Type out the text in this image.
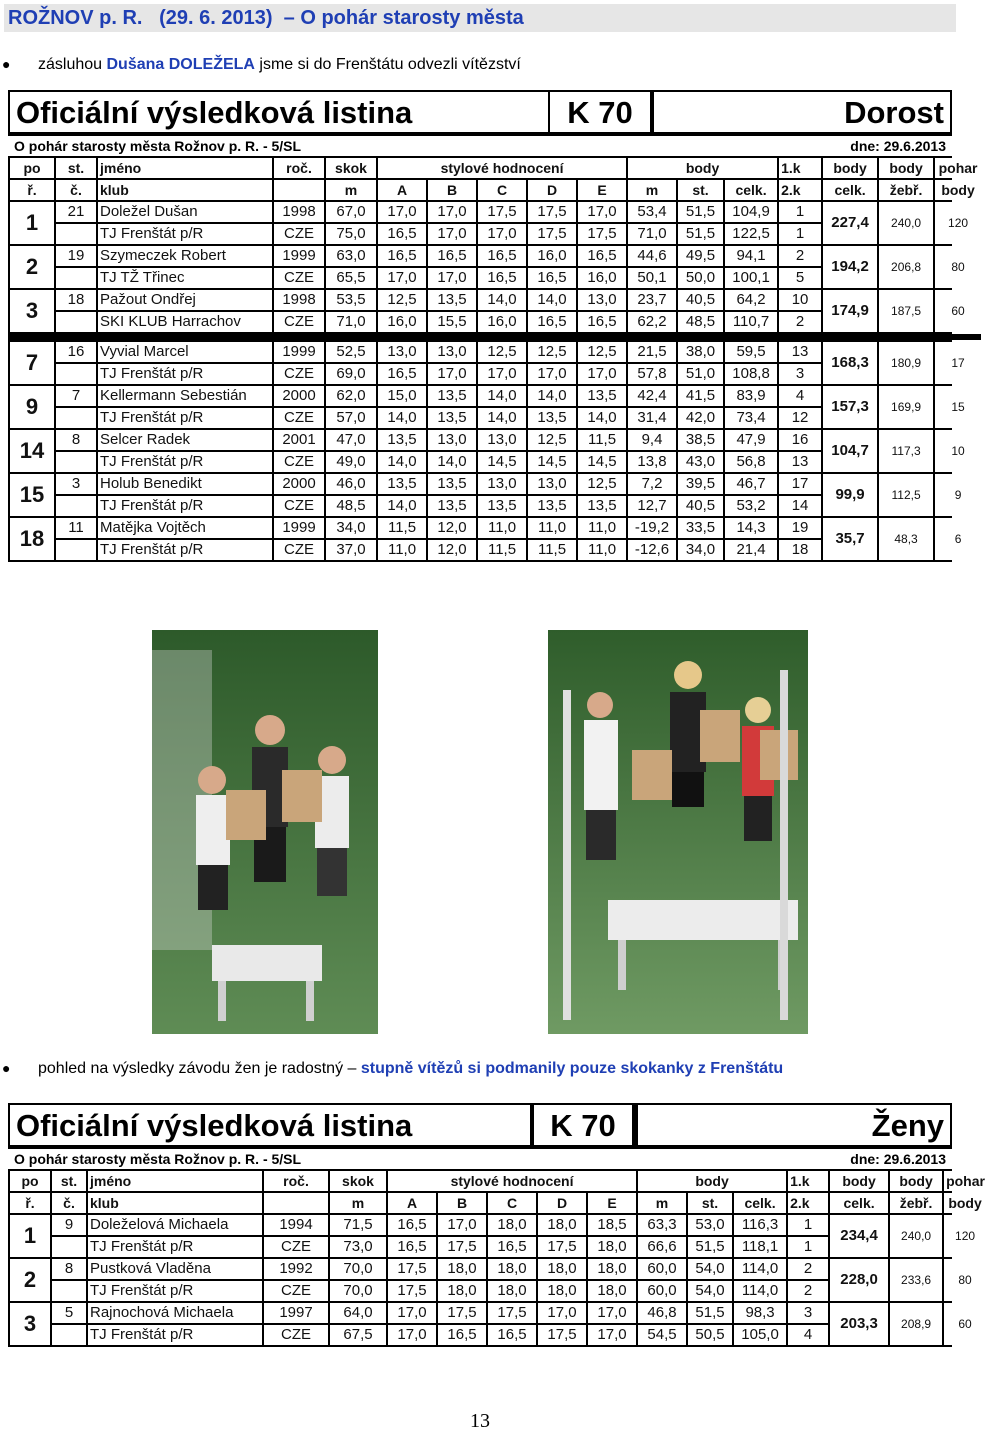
ROŽNOV p. R. (29. 6. 2013) – O pohár starosty města
● zásluhou Dušana DOLEŽELA jsme si do Frenštátu odvezli vítězství
Oficiální výsledková listina	K 70	Dorost
O pohár starosty města Rožnov p. R. - 5/SL	dne: 29.6.2013
po	st.	jméno	roč.	skok	stylové hodnocení					body			1.k	body	body	pohar
ř.	č.	klub		m	A	B	C	D	E	m	st.	celk.	2.k	celk.	žebř.	body
1	21	Doležel Dušan	1998	67,0	17,0	17,0	17,5	17,5	17,0	53,4	51,5	104,9	1	227,4	240,0	120
		TJ Frenštát p/R	CZE	75,0	16,5	17,0	17,0	17,5	17,5	71,0	51,5	122,5	1			
2	19	Szymeczek Robert	1999	63,0	16,5	16,5	16,5	16,0	16,5	44,6	49,5	94,1	2	194,2	206,8	80
		TJ TŽ Třinec	CZE	65,5	17,0	17,0	16,5	16,5	16,0	50,1	50,0	100,1	5			
3	18	Pažout Ondřej	1998	53,5	12,5	13,5	14,0	14,0	13,0	23,7	40,5	64,2	10	174,9	187,5	60
		SKI KLUB Harrachov	CZE	71,0	16,0	15,5	16,0	16,5	16,5	62,2	48,5	110,7	2			

7	16	Vyvial Marcel	1999	52,5	13,0	13,0	12,5	12,5	12,5	21,5	38,0	59,5	13	168,3	180,9	17
		TJ Frenštát p/R	CZE	69,0	16,5	17,0	17,0	17,0	17,0	57,8	51,0	108,8	3			
9	7	Kellermann Sebestián	2000	62,0	15,0	13,5	14,0	14,0	13,5	42,4	41,5	83,9	4	157,3	169,9	15
		TJ Frenštát p/R	CZE	57,0	14,0	13,5	14,0	13,5	14,0	31,4	42,0	73,4	12			
14	8	Selcer Radek	2001	47,0	13,5	13,0	13,0	12,5	11,5	9,4	38,5	47,9	16	104,7	117,3	10
		TJ Frenštát p/R	CZE	49,0	14,0	14,0	14,5	14,5	14,5	13,8	43,0	56,8	13			
15	3	Holub Benedikt	2000	46,0	13,5	13,5	13,0	13,0	12,5	7,2	39,5	46,7	17	99,9	112,5	9
		TJ Frenštát p/R	CZE	48,5	14,0	13,5	13,5	13,5	13,5	12,7	40,5	53,2	14			
18	11	Matějka Vojtěch	1999	34,0	11,5	12,0	11,0	11,0	11,0	-19,2	33,5	14,3	19	35,7	48,3	6
		TJ Frenštát p/R	CZE	37,0	11,0	12,0	11,5	11,5	11,0	-12,6	34,0	21,4	18			
● pohled na výsledky závodu žen je radostný – stupně vítězů si podmanily pouze skokanky z Frenštátu
Oficiální výsledková listina	K 70	Ženy
O pohár starosty města Rožnov p. R. - 5/SL	dne: 29.6.2013
po	st.	jméno	roč.	skok	stylové hodnocení					body			1.k	body	body	pohar
ř.	č.	klub		m	A	B	C	D	E	m	st.	celk.	2.k	celk.	žebř.	body
1	9	Doleželová Michaela	1994	71,5	16,5	17,0	18,0	18,0	18,5	63,3	53,0	116,3	1	234,4	240,0	120
		TJ Frenštát p/R	CZE	73,0	16,5	17,5	16,5	17,5	18,0	66,6	51,5	118,1	1			
2	8	Pustková Vladěna	1992	70,0	17,5	18,0	18,0	18,0	18,0	60,0	54,0	114,0	2	228,0	233,6	80
		TJ Frenštát p/R	CZE	70,0	17,5	18,0	18,0	18,0	18,0	60,0	54,0	114,0	2			
3	5	Rajnochová Michaela	1997	64,0	17,0	17,5	17,5	17,0	17,0	46,8	51,5	98,3	3	203,3	208,9	60
		TJ Frenštát p/R	CZE	67,5	17,0	16,5	16,5	17,5	17,0	54,5	50,5	105,0	4			
13
